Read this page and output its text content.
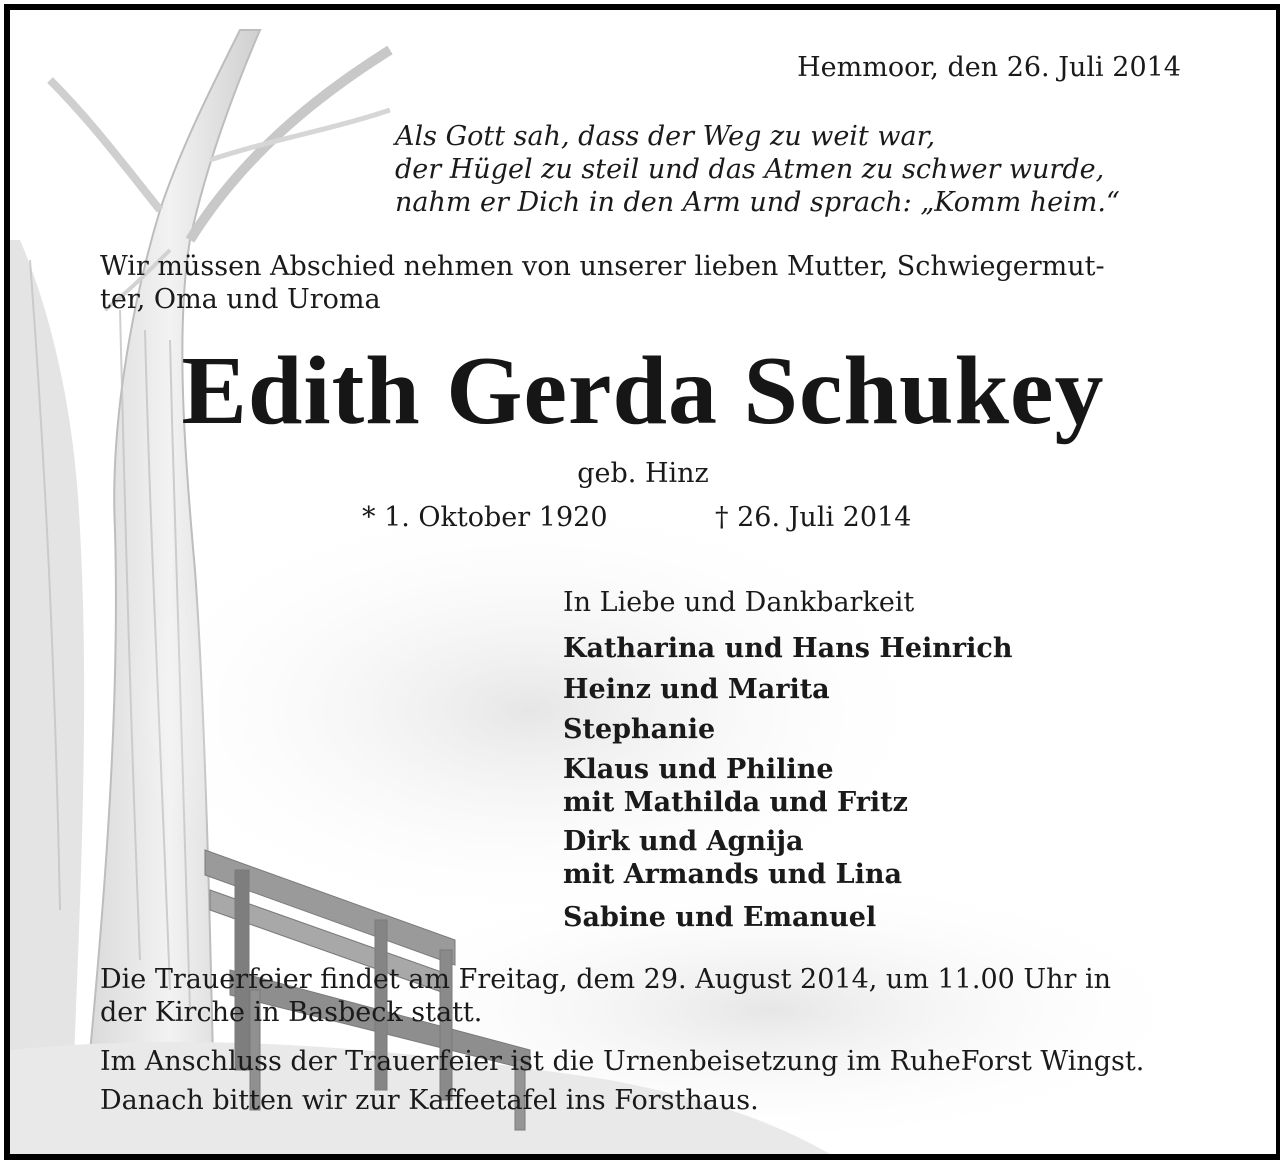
Hemmoor, den 26. Juli 2014
Als Gott sah, dass der Weg zu weit war,
der Hügel zu steil und das Atmen zu schwer wurde,
nahm er Dich in den Arm und sprach: „Komm heim.“
Wir müssen Abschied nehmen von unserer lieben Mutter, Schwiegermut-
ter, Oma und Uroma
Edith Gerda Schukey
geb. Hinz
* 1. Oktober 1920	† 26. Juli 2014
In Liebe und Dankbarkeit
Katharina und Hans Heinrich
Heinz und Marita
Stephanie
Klaus und Philine
mit Mathilda und Fritz
Dirk und Agnija
mit Armands und Lina
Sabine und Emanuel
Die Trauerfeier findet am Freitag, dem 29. August 2014, um 11.00 Uhr in
der Kirche in Basbeck statt.
Im Anschluss der Trauerfeier ist die Urnenbeisetzung im RuheForst Wingst.
Danach bitten wir zur Kaffeetafel ins Forsthaus.
